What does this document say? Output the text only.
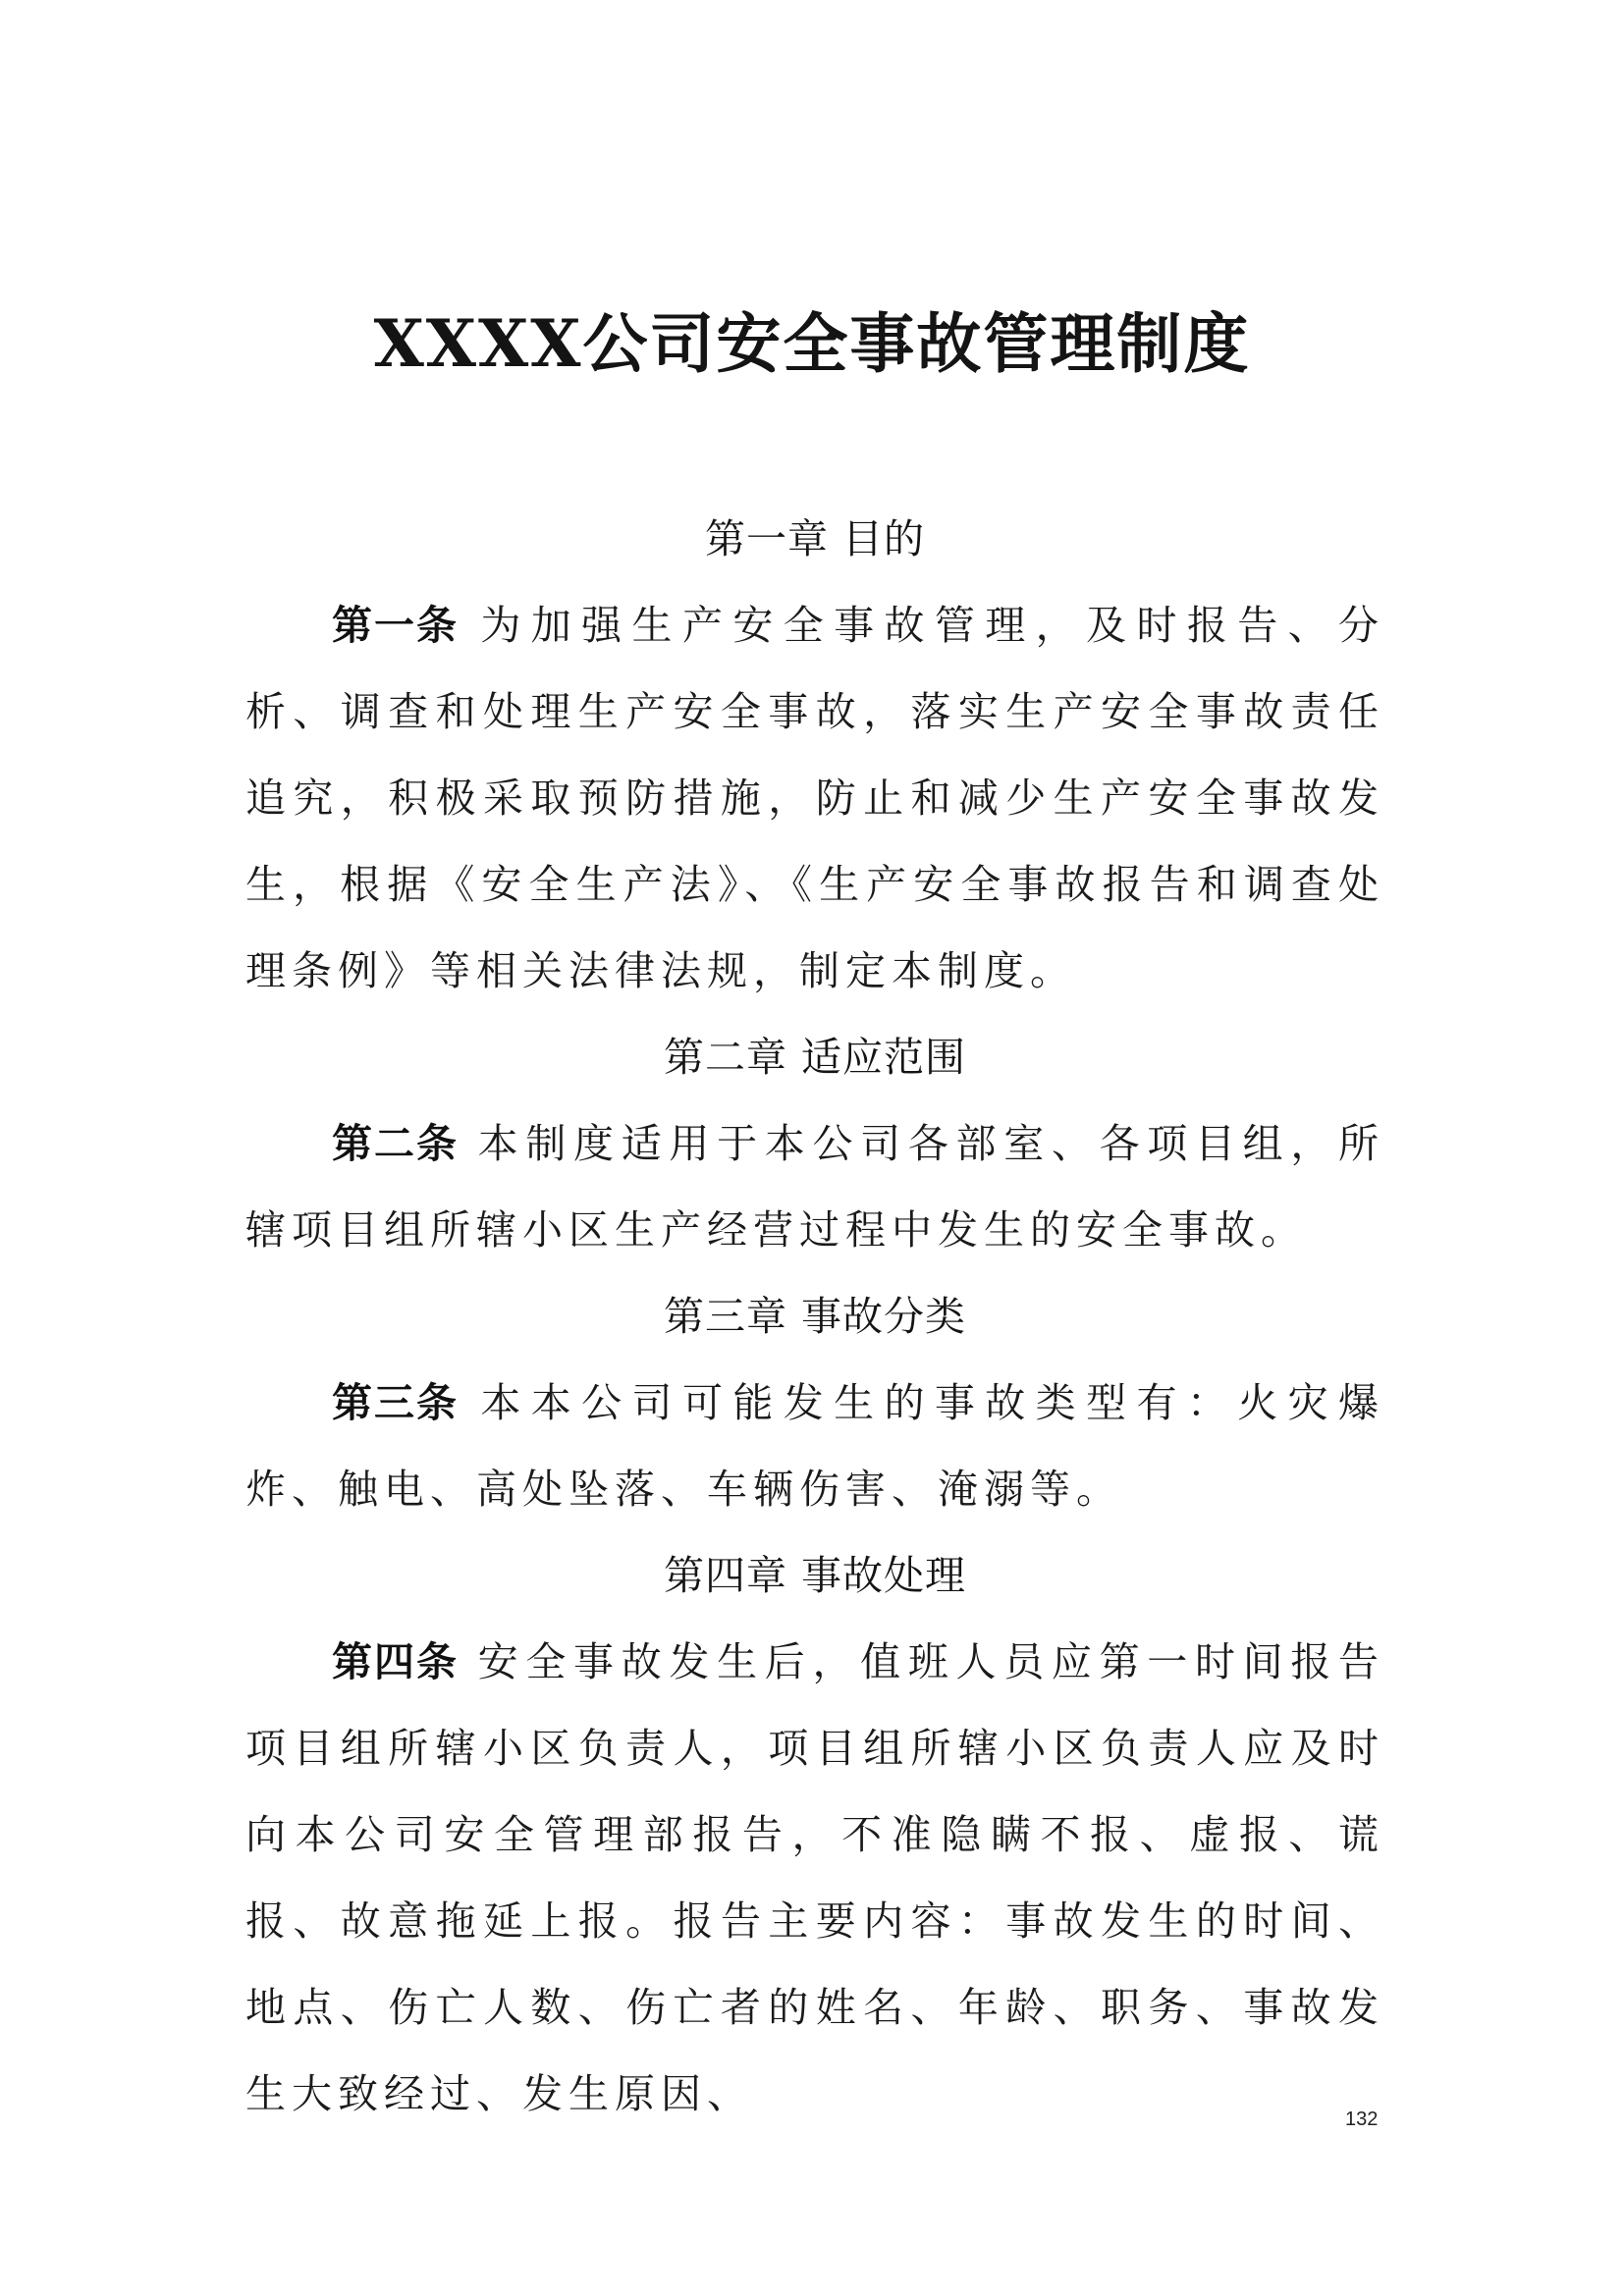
XXXX公司安全事故管理制度
第一章 目的

第一条 为加强生产安全事故管理，及时报告、分析、调查和处理生产安全事故，落实生产安全事故责任追究，积极采取预防措施，防止和减少生产安全事故发生，根据《安全生产法》、《生产安全事故报告和调查处理条例》等相关法律法规，制定本制度。

第二章 适应范围

第二条 本制度适用于本公司各部室、各项目组，所辖项目组所辖小区生产经营过程中发生的安全事故。

第三章 事故分类

第三条 本本公司可能发生的事故类型有：火灾爆炸、触电、高处坠落、车辆伤害、淹溺等。

第四章 事故处理

第四条 安全事故发生后，值班人员应第一时间报告项目组所辖小区负责人，项目组所辖小区负责人应及时向本公司安全管理部报告，不准隐瞒不报、虚报、谎报、故意拖延上报。报告主要内容：事故发生的时间、地点、伤亡人数、伤亡者的姓名、年龄、职务、事故发生大致经过、发生原因、

132
